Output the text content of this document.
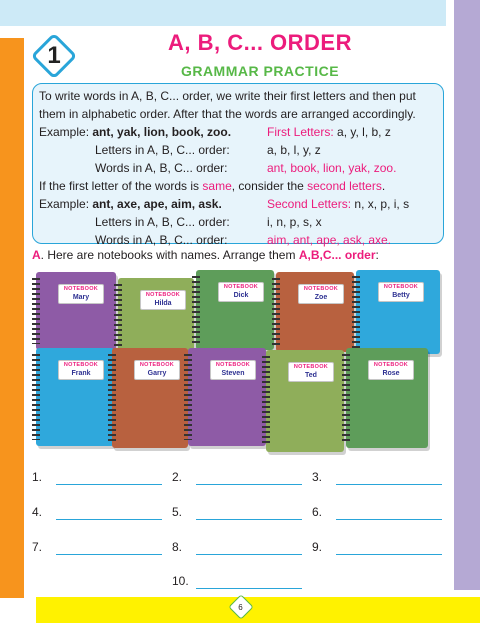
1	A, B, C... ORDER
GRAMMAR PRACTICE
To write words in A, B, C... order, we write their first letters and then put them in alphabetic order. After that the words are arranged accordingly.
Example: ant, yak, lion, book, zoo.	First Letters: a, y, l, b, z
Letters in A, B, C... order:	a, b, l, y, z
Words in A, B, C... order:	ant, book, lion, yak, zoo.
If the first letter of the words is same, consider the second letters.
Example: ant, axe, ape, aim, ask.	Second Letters: n, x, p, i, s
Letters in A, B, C... order:	i, n, p, s, x
Words in A, B, C... order:	aim, ant, ape, ask, axe.
A. Here are notebooks with names. Arrange them A,B,C... order:
NOTEBOOK
Mary	NOTEBOOK
Hilda
NOTEBOOK
Dick
NOTEBOOK
Zoe
NOTEBOOK
Betty
NOTEBOOK
Frank
NOTEBOOK
Garry
NOTEBOOK
Steven
NOTEBOOK
Ted
NOTEBOOK
Rose
1.	2.	3.
4.	5.	6.
7.	8.	9.
10.
6
